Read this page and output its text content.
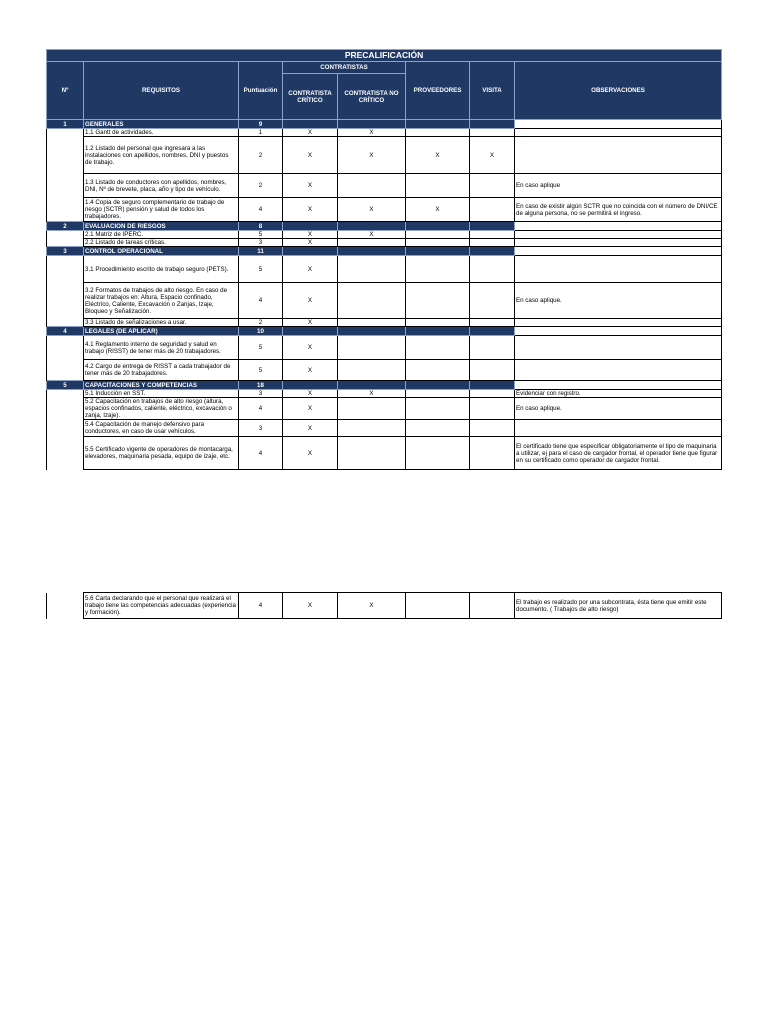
PRECALIFICACIÓN							
Nº	REQUISITOS	Puntuación	CONTRATISTAS		PROVEEDORES	VISITA	OBSERVACIONES
			CONTRATISTA CRÍTICO	CONTRATISTA NO CRÍTICO			
1	GENERALES	9					
	1.1 Gantt de actividades.	1	X	X			
	1.2 Listado del personal que ingresara a las instalaciones con apellidos, nombres, DNI y puestos de trabajo.	2	X	X	X	X	
	1.3 Listado de conductores con apellidos, nombres, DNI, Nº de brevete, placa, año y tipo de vehículo.	2	X				En caso aplique
	1.4 Copia de seguro complementario de trabajo de riesgo (SCTR) pensión y salud de todos los trabajadores.	4	X	X	X		En caso de existir algún SCTR que no coincida con el número de DNI/CE de alguna persona, no se permitirá el ingreso.
2	EVALUACION DE RIESGOS	8					
	2.1 Matriz de IPERC.	5	X	X			
	2.2 Listado de tareas críticas.	3	X				
3	CONTROL OPERACIONAL	11					
	3.1 Procedimiento escrito de trabajo seguro (PETS).	5	X				
	3.2 Formatos de trabajos de alto riesgo. En caso de realizar trabajos en: Altura, Espacio confinado, Eléctrico, Caliente, Excavación o Zanjas, Izaje, Bloqueo y Señalización.	4	X				En caso aplique.
	3.3 Listado de señalizaciones a usar.	2	X				
4	LEGALES (DE APLICAR)	10					
	4.1 Reglamento interno de seguridad y salud en trabajo (RISST) de tener más de 20 trabajadores.	5	X				
	4.2 Cargo de entrega de RISST a cada trabajador de tener más de 20 trabajadores.	5	X				
5	CAPACITACIONES Y COMPETENCIAS	18					
	5.1 Inducción en SST.	3	X	X			Evidenciar con registro.
	5.2 Capacitación en trabajos de alto riesgo (altura, espacios confinados, caliente, eléctrico, excavación o zanja, Izaje).	4	X				En caso aplique.
	5.4 Capacitación de manejo defensivo para conductores, en caso de usar vehículos.	3	X				
	5.5 Certificado vigente de operadores de montacarga, elevadores, maquinaria pesada, equipo de izaje, etc.	4	X				El certificado tiene que especificar obligatoriamente el tipo de maquinaria a utilizar, ej para el caso de cargador frontal, el operador tiene que figurar en su certificado como operador de cargador frontal.
	5.6 Carta declarando que el personal que realizará el trabajo tiene las competencias adecuadas (experiencia y formación).	4	X	X			El trabajo es realizado por una subcontrata, ésta tiene que emitir este documento. ( Trabajos de alto riesgo)
